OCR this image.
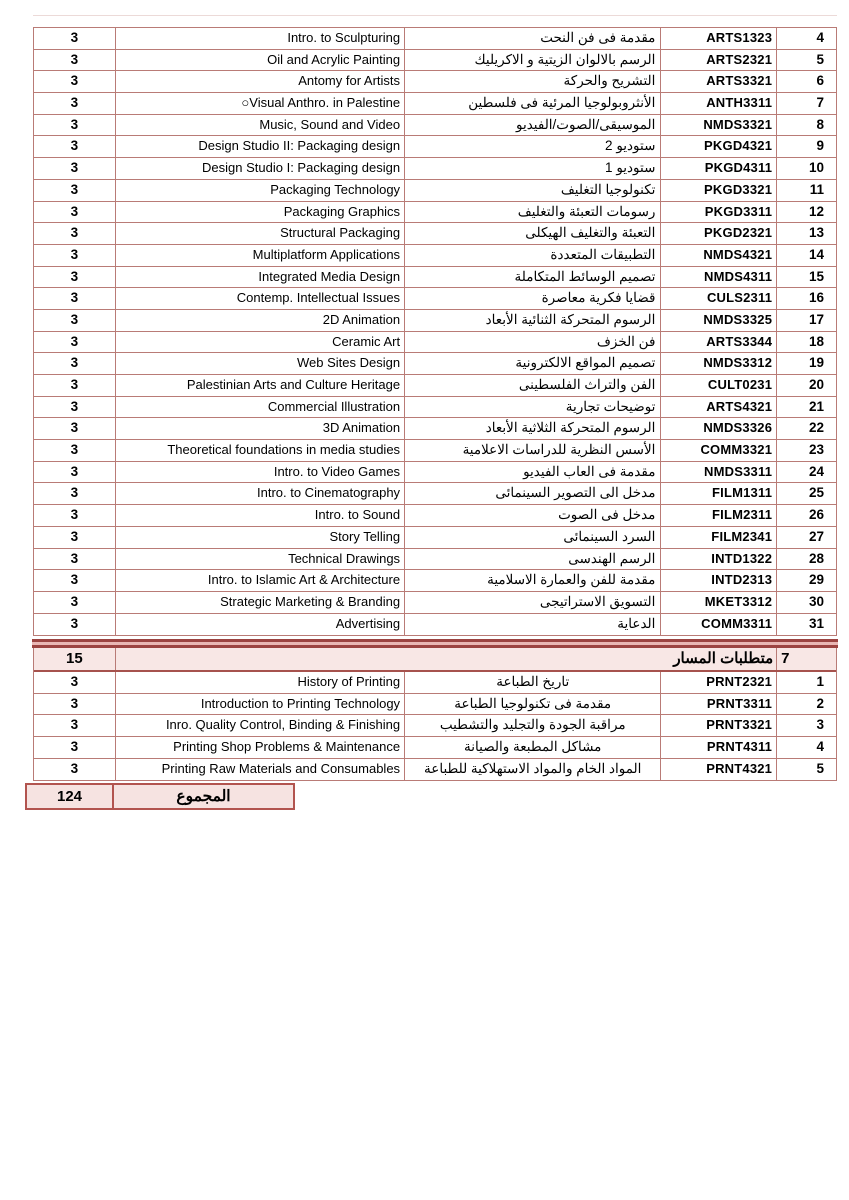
3	Intro. to Sculpturing	مقدمة فى فن النحت	ARTS1323	4
3	Oil and Acrylic Painting	الرسم بالالوان الزيتية و الاكريليك	ARTS2321	5
3	Antomy for Artists	التشريح والحركة	ARTS3321	6
3	○Visual Anthro. in Palestine	الأنثروبولوجيا المرئية فى فلسطين	ANTH3311	7
3	Music, Sound and Video	الموسيقى/الصوت/الفيديو	NMDS3321	8
3	Design Studio II: Packaging design	ستوديو 2	PKGD4321	9
3	Design Studio I: Packaging design	ستوديو 1	PKGD4311	10
3	Packaging Technology	تكنولوجيا التغليف	PKGD3321	11
3	Packaging Graphics	رسومات التعبئة والتغليف	PKGD3311	12
3	Structural Packaging	التعبئة والتغليف الهيكلى	PKGD2321	13
3	Multiplatform Applications	التطبيقات المتعددة	NMDS4321	14
3	Integrated Media Design	تصميم الوسائط المتكاملة	NMDS4311	15
3	Contemp. Intellectual Issues	قضايا فكرية معاصرة	CULS2311	16
3	2D Animation	الرسوم المتحركة الثنائية الأبعاد	NMDS3325	17
3	Ceramic Art	فن الخزف	ARTS3344	18
3	Web Sites Design	تصميم المواقع الالكترونية	NMDS3312	19
3	Palestinian Arts and Culture Heritage	الفن والتراث الفلسطينى	CULT0231	20
3	Commercial Illustration	توضيحات تجارية	ARTS4321	21
3	3D Animation	الرسوم المتحركة الثلاثية الأبعاد	NMDS3326	22
3	Theoretical foundations in media studies	الأسس النظرية للدراسات الاعلامية	COMM3321	23
3	Intro. to Video Games	مقدمة فى العاب الفيديو	NMDS3311	24
3	Intro. to Cinematography	مدخل الى التصوير السينمائى	FILM1311	25
3	Intro. to Sound	مدخل فى الصوت	FILM2311	26
3	Story Telling	السرد السينمائى	FILM2341	27
3	Technical Drawings	الرسم الهندسى	INTD1322	28
3	Intro. to Islamic Art & Architecture	مقدمة للفن والعمارة الاسلامية	INTD2313	29
3	Strategic Marketing & Branding	التسويق الاستراتيجى	MKET3312	30
3	Advertising	الدعاية	COMM3311	31
15	متطلبات المسار 7
3	History of Printing	تاريخ الطباعة	PRNT2321	1
3	Introduction to Printing Technology	مقدمة فى تكنولوجيا الطباعة	PRNT3311	2
3	Inro. Quality Control, Binding & Finishing	مراقبة الجودة والتجليد والتشطيب	PRNT3321	3
3	Printing Shop Problems & Maintenance	مشاكل المطبعة والصيانة	PRNT4311	4
3	Printing Raw Materials and Consumables	المواد الخام والمواد الاستهلاكية للطباعة	PRNT4321	5
124	المجموع
